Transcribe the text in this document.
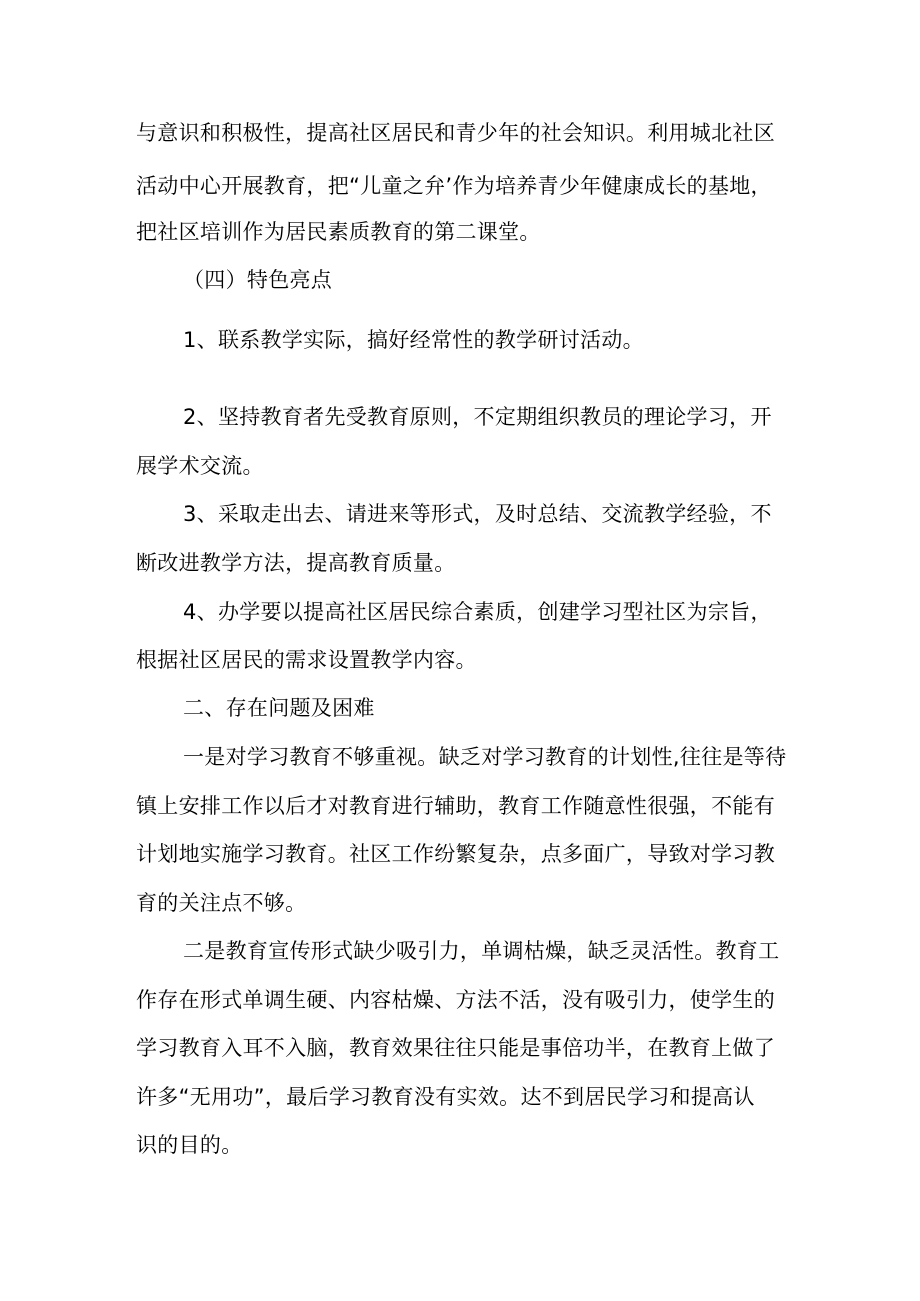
与意识和积极性，提高社区居民和青少年的社会知识。利用城北社区

活动中心开展教育，把“儿童之弁’作为培养青少年健康成长的基地，

把社区培训作为居民素质教育的第二课堂。

（四）特色亮点

1、联系教学实际，搞好经常性的教学研讨活动。

2、坚持教育者先受教育原则，不定期组织教员的理论学习，开

展学术交流。

3、采取走出去、请进来等形式，及时总结、交流教学经验，不

断改进教学方法，提高教育质量。

4、办学要以提高社区居民综合素质，创建学习型社区为宗旨，

根据社区居民的需求设置教学内容。

二、存在问题及困难

一是对学习教育不够重视。缺乏对学习教育的计划性,往往是等待

镇上安排工作以后才对教育进行辅助，教育工作随意性很强，不能有

计划地实施学习教育。社区工作纷繁复杂，点多面广，导致对学习教

育的关注点不够。

二是教育宣传形式缺少吸引力，单调枯燥，缺乏灵活性。教育工

作存在形式单调生硬、内容枯燥、方法不活，没有吸引力，使学生的

学习教育入耳不入脑，教育效果往往只能是事倍功半，在教育上做了

许多“无用功”，最后学习教育没有实效。达不到居民学习和提高认

识的目的。
